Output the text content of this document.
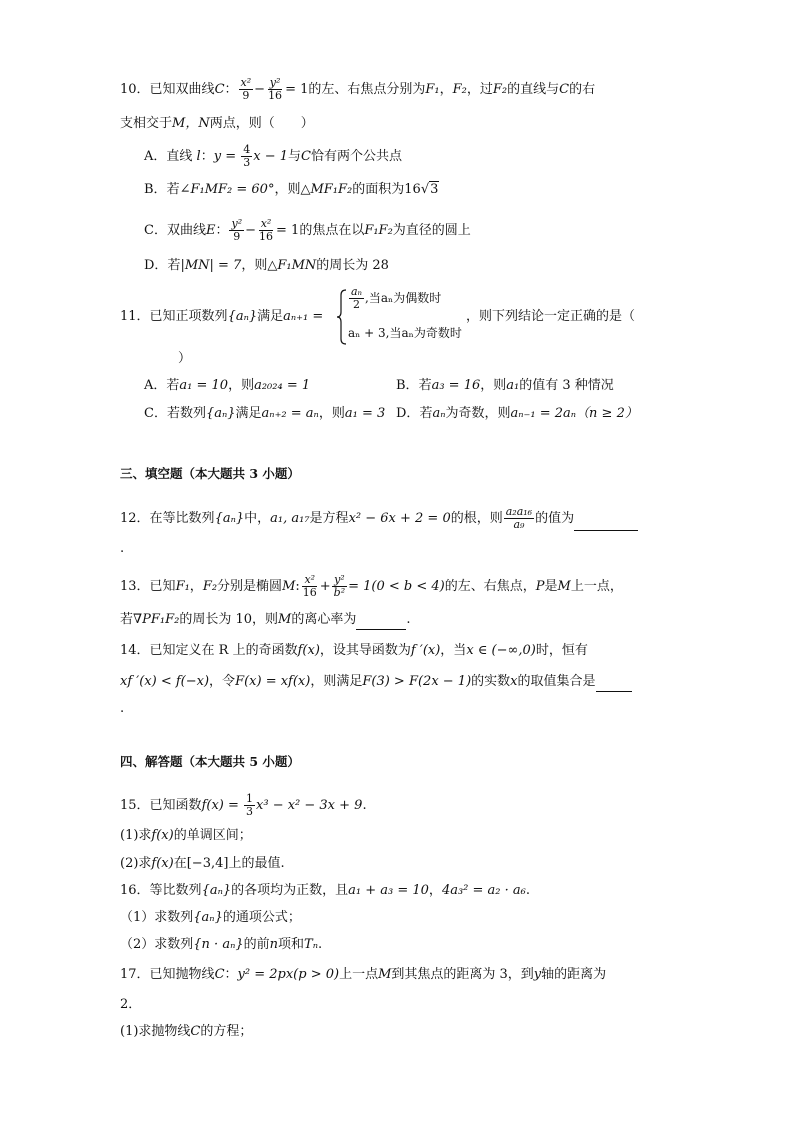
10．已知双曲线C： $\frac{\text{x²}}{9} - \frac{\text{y²}}{16} = 1$的左、右焦点分别为F₁，F₂，过F₂的直线与C的右
支相交于M，N两点，则（　　）
A．直线 l：$y = \frac{4}{3}$ x − 1与C恰有两个公共点
B．若∠F₁MF₂ = 60°，则△MF₁F₂的面积为16√3
C．双曲线E： $\frac{\text{y²}}{9} - \frac{\text{x²}}{16} = 1$的焦点在以F₁F₂为直径的圆上
D．若|MN| = 7，则△F₁MN的周长为 28
11．已知正项数列{aₙ}满足aₙ₊₁ =
$\frac{\text{aₙ}}{2}$ ,当aₙ为偶数时
aₙ + 3,当aₙ为奇数时
，则下列结论一定正确的是（
）
A．若a₁ = 10，则a₂₀₂₄ = 1	B．若a₃ = 16，则a₁的值有 3 种情况
C．若数列{aₙ}满足aₙ₊₂ = aₙ，则a₁ = 3 D．若aₙ为奇数，则aₙ₋₁ = 2aₙ（n ≥ 2）
三、填空题（本大题共 3 小题）
12．在等比数列{aₙ}中，a₁, a₁₇是方程x² − 6x + 2 = 0的根，则 $\frac{\text{a₂a₁₆}}{\text{a₉}}$ 的值为
.
13．已知F₁，F₂分别是椭圆M: $\frac{\text{x²}}{16} + \frac{\text{y²}}{\text{b²}} = 1(0 < b < 4)$的左、右焦点，P是M上一点，
若∇PF₁F₂的周长为 10，则M的离心率为	.
14．已知定义在 R 上的奇函数f(x)，设其导函数为f ′(x)，当x ∈ (−∞,0)时，恒有
xf ′(x) < f(−x)，令F(x) = xf(x)，则满足F(3) > F(2x − 1)的实数x的取值集合是
.
四、解答题（本大题共 5 小题）
15．已知函数$f(x) = \frac{1}{3} x^3 - x^2 - 3x + 9$.
(1)求f(x)的单调区间；
(2)求f(x)在[−3,4]上的最值.
16．等比数列{aₙ}的各项均为正数，且a₁ + a₃ = 10，4a₃² = a₂ · a₆.
（1）求数列{aₙ}的通项公式；
（2）求数列{n · aₙ}的前n项和Tₙ.
17．已知抛物线C：y² = 2px(p > 0)上一点M到其焦点的距离为 3，到y轴的距离为
2．
(1)求抛物线C的方程；
